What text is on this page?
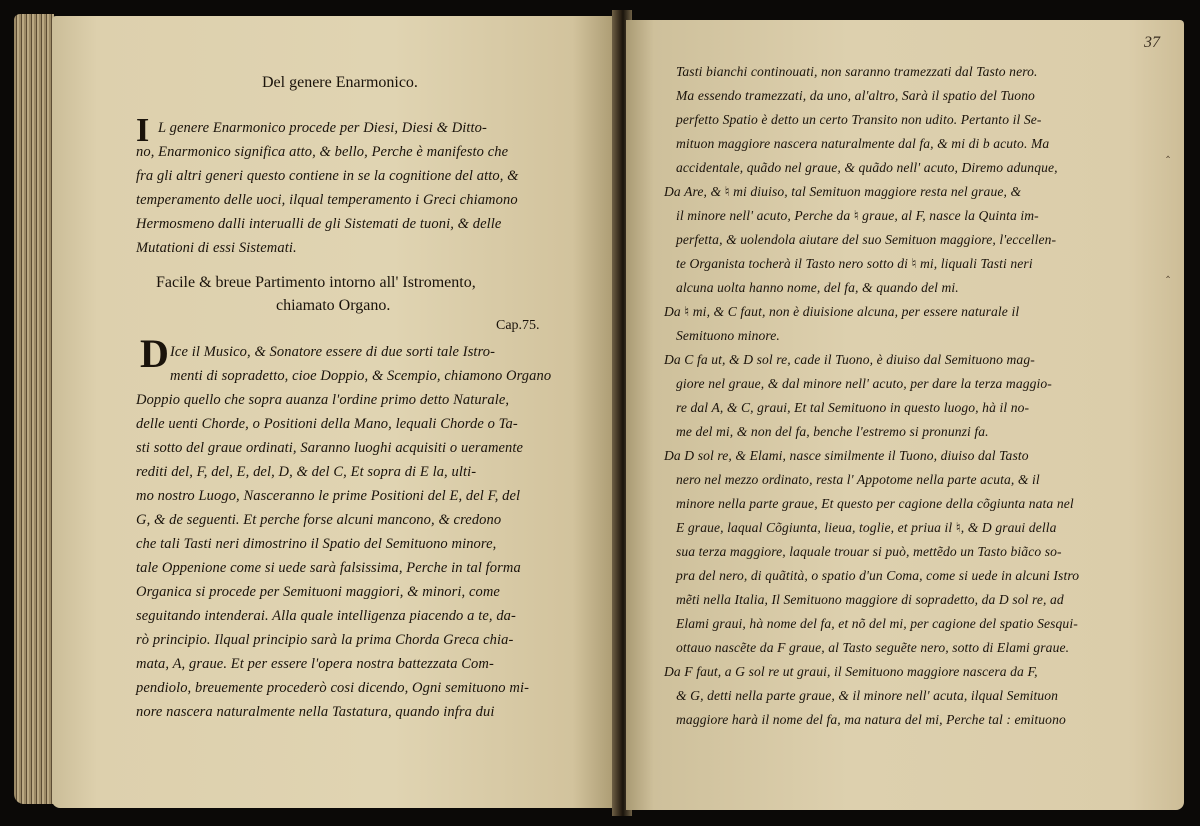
Del genere Enarmonico.
I L genere Enarmonico procede per Diesi, Diesi & Ditto-
no, Enarmonico significa atto, & bello, Perche è manifesto che
fra gli altri generi questo contiene in se la cognitione del atto, &
temperamento delle uoci, ilqual temperamento i Greci chiamono
Hermosmeno dalli interualli de gli Sistemati de tuoni, & delle
Mutationi di essi Sistemati.
Facile & breue Partimento intorno all' Istromento,
chiamato Organo.
Cap.75.
D Ice il Musico, & Sonatore essere di due sorti tale Istro-
menti di sopradetto, cioe Doppio, & Scempio, chiamono Organo
Doppio quello che sopra auanza l'ordine primo detto Naturale,
delle uenti Chorde, o Positioni della Mano, lequali Chorde o Ta-
sti sotto del graue ordinati, Saranno luoghi acquisiti o ueramente
rediti del, F, del, E, del, D, & del C, Et sopra di E la, ulti-
mo nostro Luogo, Nasceranno le prime Positioni del E, del F, del
G, & de seguenti. Et perche forse alcuni mancono, & credono
che tali Tasti neri dimostrino il Spatio del Semituono minore,
tale Oppenione come si uede sarà falsissima, Perche in tal forma
Organica si procede per Semituoni maggiori, & minori, come
seguitando intenderai. Alla quale intelligenza piacendo a te, da-
rò principio. Ilqual principio sarà la prima Chorda Greca chia-
mata, A, graue. Et per essere l'opera nostra battezzata Com-
pendiolo, breuemente procederò cosi dicendo, Ogni semituono mi-
nore nascera naturalmente nella Tastatura, quando infra dui
37
‸
‸
Tasti bianchi continouati, non saranno tramezzati dal Tasto nero.
Ma essendo tramezzati, da uno, al'altro, Sarà il spatio del Tuono
perfetto Spatio è detto un certo Transito non udito. Pertanto il Se-
mituon maggiore nascera naturalmente dal fa, & mi di b acuto. Ma
accidentale, quãdo nel graue, & quãdo nell' acuto, Diremo adunque,
Da Are, & ♮ mi diuiso, tal Semituon maggiore resta nel graue, &
il minore nell' acuto, Perche da ♮ graue, al F, nasce la Quinta im-
perfetta, & uolendola aiutare del suo Semituon maggiore, l'eccellen-
te Organista tocherà il Tasto nero sotto di ♮ mi, liquali Tasti neri
alcuna uolta hanno nome, del fa, & quando del mi.
Da ♮ mi, & C faut, non è diuisione alcuna, per essere naturale il
Semituono minore.
Da C fa ut, & D sol re, cade il Tuono, è diuiso dal Semituono mag-
giore nel graue, & dal minore nell' acuto, per dare la terza maggio-
re dal A, & C, graui, Et tal Semituono in questo luogo, hà il no-
me del mi, & non del fa, benche l'estremo si pronunzi fa.
Da D sol re, & Elami, nasce similmente il Tuono, diuiso dal Tasto
nero nel mezzo ordinato, resta l' Appotome nella parte acuta, & il
minore nella parte graue, Et questo per cagione della cõgiunta nata nel
E graue, laqual Cõgiunta, lieua, toglie, et priua il ♮, & D graui della
sua terza maggiore, laquale trouar si può, mettẽdo un Tasto biãco so-
pra del nero, di quãtità, o spatio d'un Coma, come si uede in alcuni Istro
mẽti nella Italia, Il Semituono maggiore di sopradetto, da D sol re, ad
Elami graui, hà nome del fa, et nõ del mi, per cagione del spatio Sesqui-
ottauo nascẽte da F graue, al Tasto seguẽte nero, sotto di Elami graue.
Da F faut, a G sol re ut graui, il Semituono maggiore nascera da F,
& G, detti nella parte graue, & il minore nell' acuta, ilqual Semituon
maggiore harà il nome del fa, ma natura del mi, Perche tal : emituono
